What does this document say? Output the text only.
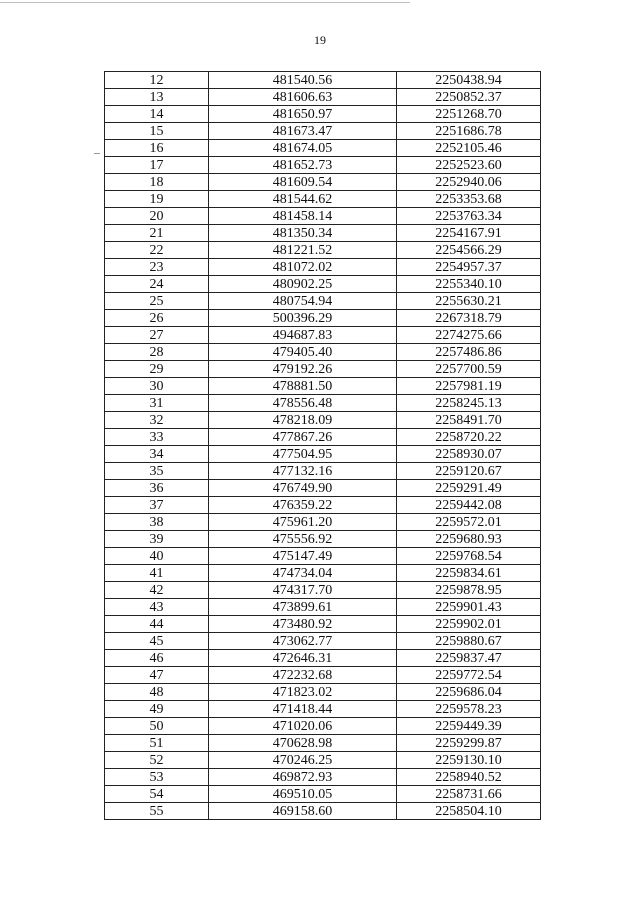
19
12	481540.56	2250438.94
13	481606.63	2250852.37
14	481650.97	2251268.70
15	481673.47	2251686.78
16	481674.05	2252105.46
17	481652.73	2252523.60
18	481609.54	2252940.06
19	481544.62	2253353.68
20	481458.14	2253763.34
21	481350.34	2254167.91
22	481221.52	2254566.29
23	481072.02	2254957.37
24	480902.25	2255340.10
25	480754.94	2255630.21
26	500396.29	2267318.79
27	494687.83	2274275.66
28	479405.40	2257486.86
29	479192.26	2257700.59
30	478881.50	2257981.19
31	478556.48	2258245.13
32	478218.09	2258491.70
33	477867.26	2258720.22
34	477504.95	2258930.07
35	477132.16	2259120.67
36	476749.90	2259291.49
37	476359.22	2259442.08
38	475961.20	2259572.01
39	475556.92	2259680.93
40	475147.49	2259768.54
41	474734.04	2259834.61
42	474317.70	2259878.95
43	473899.61	2259901.43
44	473480.92	2259902.01
45	473062.77	2259880.67
46	472646.31	2259837.47
47	472232.68	2259772.54
48	471823.02	2259686.04
49	471418.44	2259578.23
50	471020.06	2259449.39
51	470628.98	2259299.87
52	470246.25	2259130.10
53	469872.93	2258940.52
54	469510.05	2258731.66
55	469158.60	2258504.10
